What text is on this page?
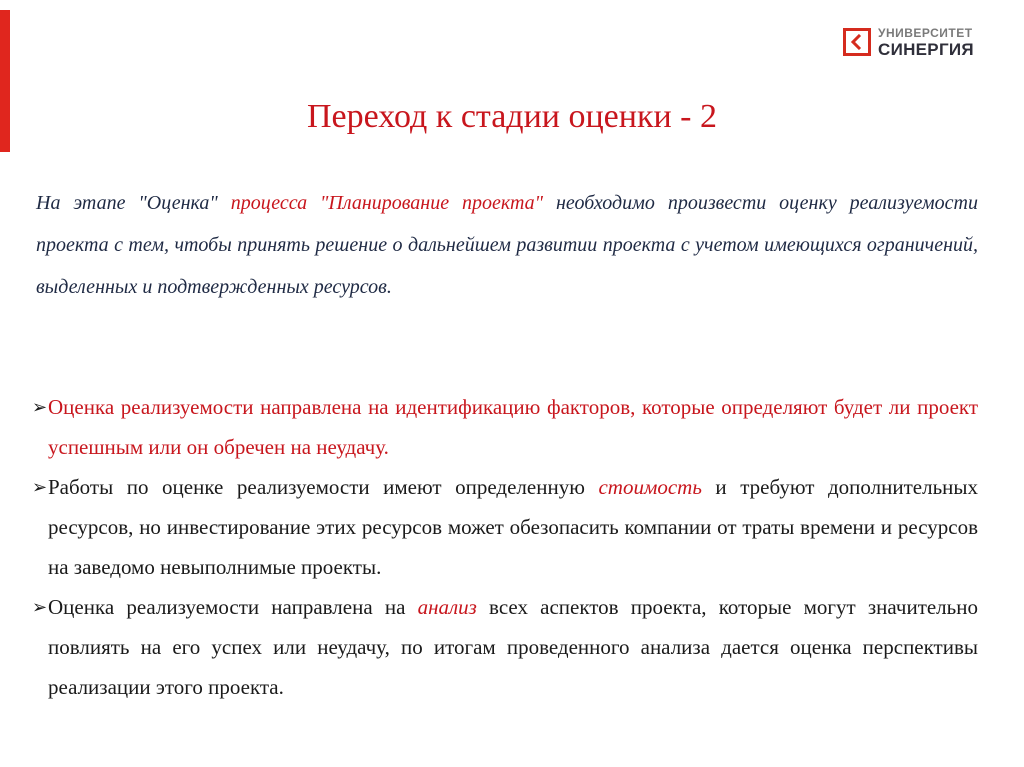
УНИВЕРСИТЕТ
СИНЕРГИЯ
Переход к стадии оценки - 2
На этапе "Оценка" процесса "Планирование проекта" необходимо произвести оценку реализуемости проекта с тем, чтобы принять решение о дальнейшем развитии проекта с учетом имеющихся ограничений, выделенных и подтвержденных ресурсов.
➢ Оценка реализуемости направлена на идентификацию факторов, которые определяют будет ли проект успешным или он обречен на неудачу.
➢ Работы по оценке реализуемости имеют определенную стоимость и требуют дополнительных ресурсов, но инвестирование этих ресурсов может обезопасить компании от траты времени и ресурсов на заведомо невыполнимые проекты.
➢ Оценка реализуемости направлена на анализ всех аспектов проекта, которые могут значительно повлиять на его успех или неудачу, по итогам проведенного анализа дается оценка перспективы реализации этого проекта.
